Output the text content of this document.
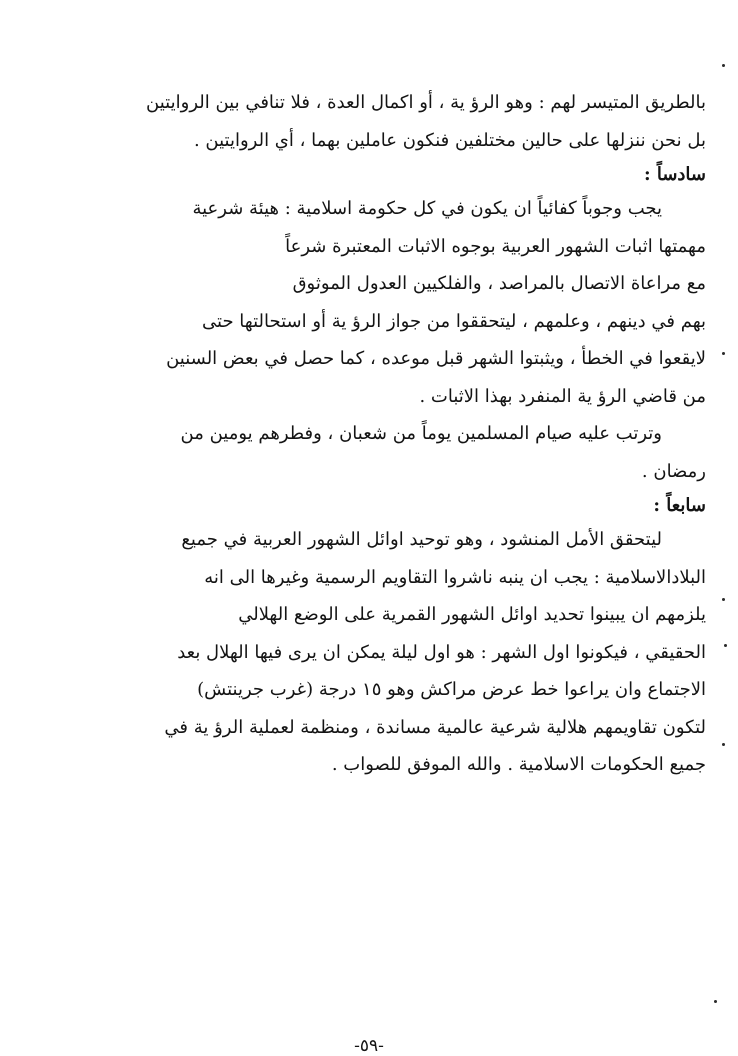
بالطريق المتيسر لهم : وهو الرؤ ية ، أو اكمال العدة ، فلا تنافي بين الروايتين
بل نحن ننزلها على حالين مختلفين فنكون عاملين بهما ، أي الروايتين .
سادساً :
يجب وجوباً كفائياً ان يكون في كل حكومة اسلامية : هيئة شرعية
مهمتها اثبات الشهور العربية بوجوه الاثبات المعتبرة شرعاً
مع مراعاة الاتصال بالمراصد ، والفلكيين العدول الموثوق
بهم في دينهم ، وعلمهم ، ليتحققوا من جواز الرؤ ية أو استحالتها حتى
لايقعوا في الخطأ ، ويثبتوا الشهر قبل موعده ، كما حصل في بعض السنين
من قاضي الرؤ ية المنفرد بهذا الاثبات .
وترتب عليه صيام المسلمين يوماً من شعبان ، وفطرهم يومين من
رمضان .
سابعاً :
ليتحقق الأمل المنشود ، وهو توحيد اوائل الشهور العربية في جميع
البلادالاسلامية : يجب ان ينبه ناشروا التقاويم الرسمية وغيرها الى انه
يلزمهم ان يبينوا تحديد اوائل الشهور القمرية على الوضع الهلالي
الحقيقي ، فيكونوا اول الشهر : هو اول ليلة يمكن ان يرى فيها الهلال بعد
الاجتماع وان يراعوا خط عرض مراكش وهو ١٥ درجة (غرب جرينتش)
لتكون تقاويمهم هلالية شرعية عالمية مساندة ، ومنظمة لعملية الرؤ ية في
جميع الحكومات الاسلامية . والله الموفق للصواب .
-٥٩-
